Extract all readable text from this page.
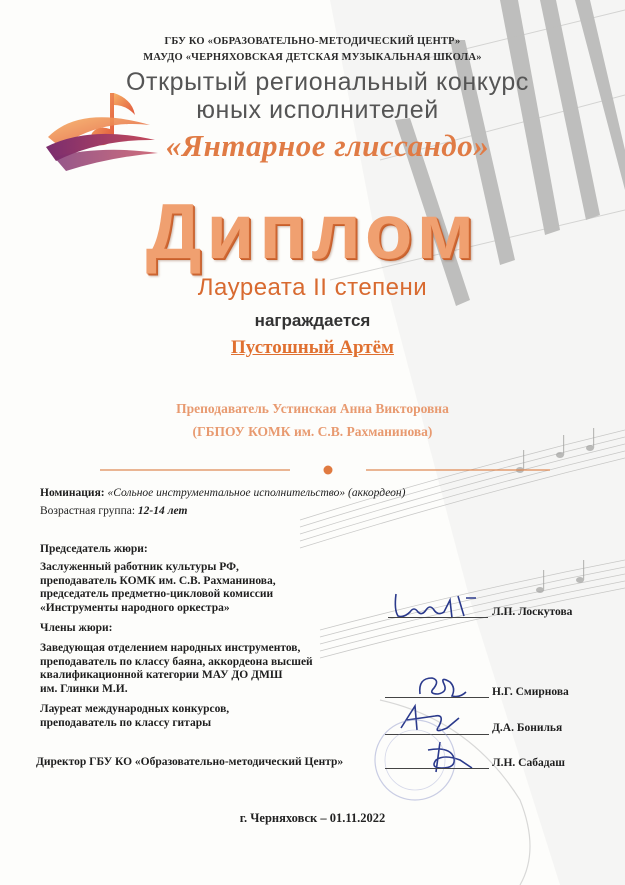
ГБУ КО «ОБРАЗОВАТЕЛЬНО-МЕТОДИЧЕСКИЙ ЦЕНТР»
МАУДО «ЧЕРНЯХОВСКАЯ ДЕТСКАЯ МУЗЫКАЛЬНАЯ ШКОЛА»
Открытый региональный конкурс
юных исполнителей
«Янтарное глиссандо»
Диплом
Лауреата II степени
награждается
Пустошный Артём
Преподаватель Устинская Анна Викторовна
(ГБПОУ КОМК им. С.В. Рахманинова)
Номинация: «Сольное инструментальное исполнительство» (аккордеон)
Возрастная группа: 12-14 лет
Председатель жюри:
Заслуженный работник культуры РФ,
преподаватель КОМК им. С.В. Рахманинова,
председатель предметно-цикловой комиссии
«Инструменты народного оркестра»	Л.П. Лоскутова
Члены жюри:
Заведующая отделением народных инструментов,
преподаватель по классу баяна, аккордеона высшей
квалификационной категории МАУ ДО ДМШ
им. Глинки М.И.	Н.Г. Смирнова
Лауреат международных конкурсов,
преподаватель по классу гитары	Д.А. Бонилья
Директор ГБУ КО «Образовательно-методический Центр»	Л.Н. Сабадаш
г. Черняховск – 01.11.2022
